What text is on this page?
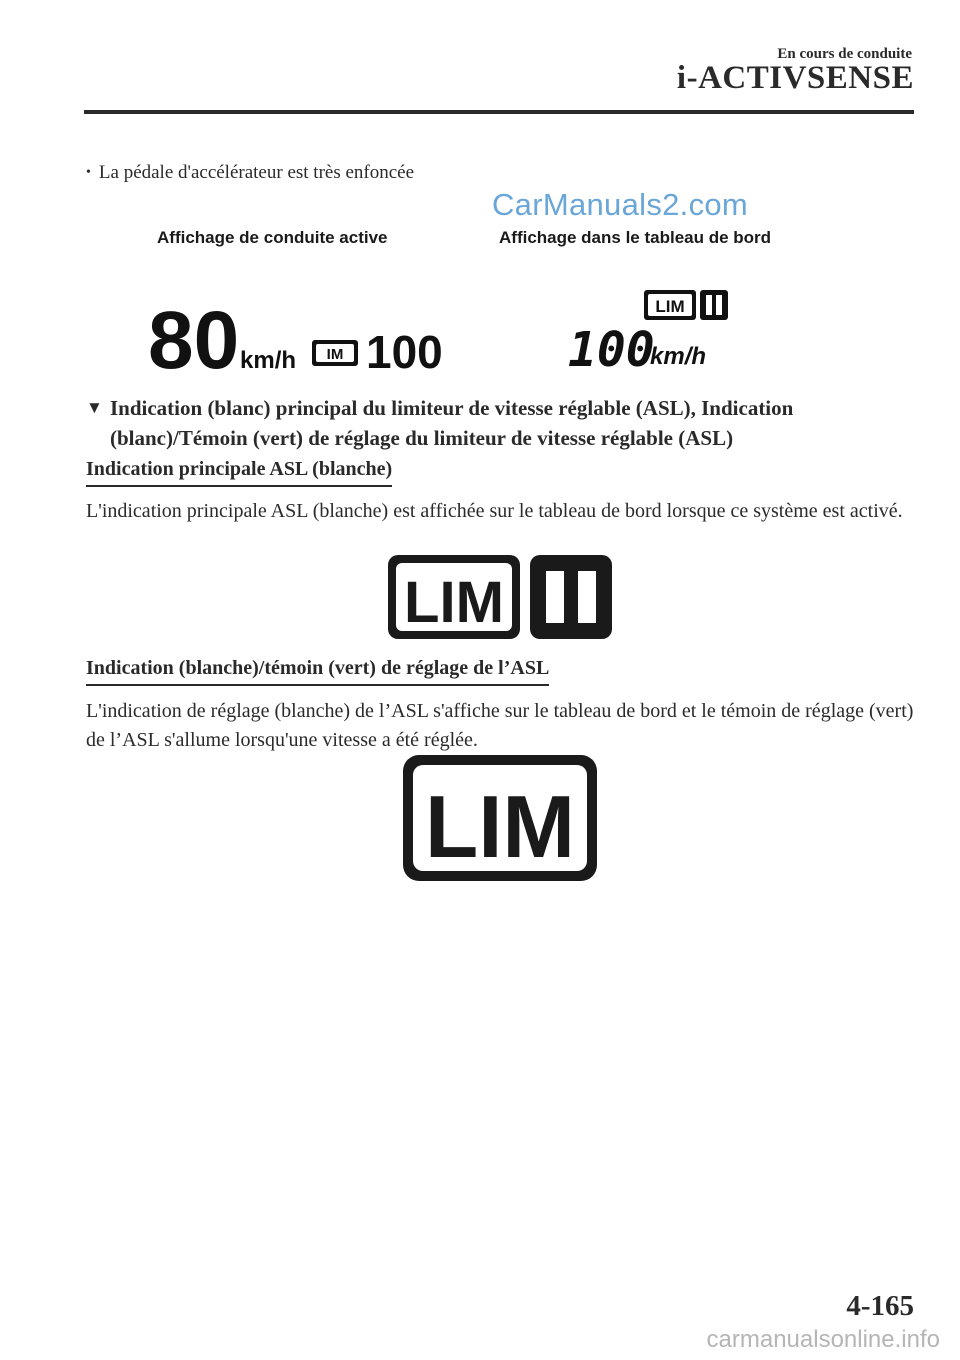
En cours de conduite
i-ACTIVSENSE
• La pédale d'accélérateur est très enfoncée
CarManuals2.com
Affichage de conduite active	Affichage dans le tableau de bord
80 km/h IM 100
LIM
100
km/h
▼ Indication (blanc) principal du limiteur de vitesse réglable (ASL), Indication (blanc)/Témoin (vert) de réglage du limiteur de vitesse réglable (ASL)
Indication principale ASL (blanche)
L'indication principale ASL (blanche) est affichée sur le tableau de bord lorsque ce système est activé.
LIM
Indication (blanche)/témoin (vert) de réglage de l’ASL
L'indication de réglage (blanche) de l’ASL s'affiche sur le tableau de bord et le témoin de réglage (vert) de l’ASL s'allume lorsqu'une vitesse a été réglée.
LIM
4-165
carmanualsonline.info
